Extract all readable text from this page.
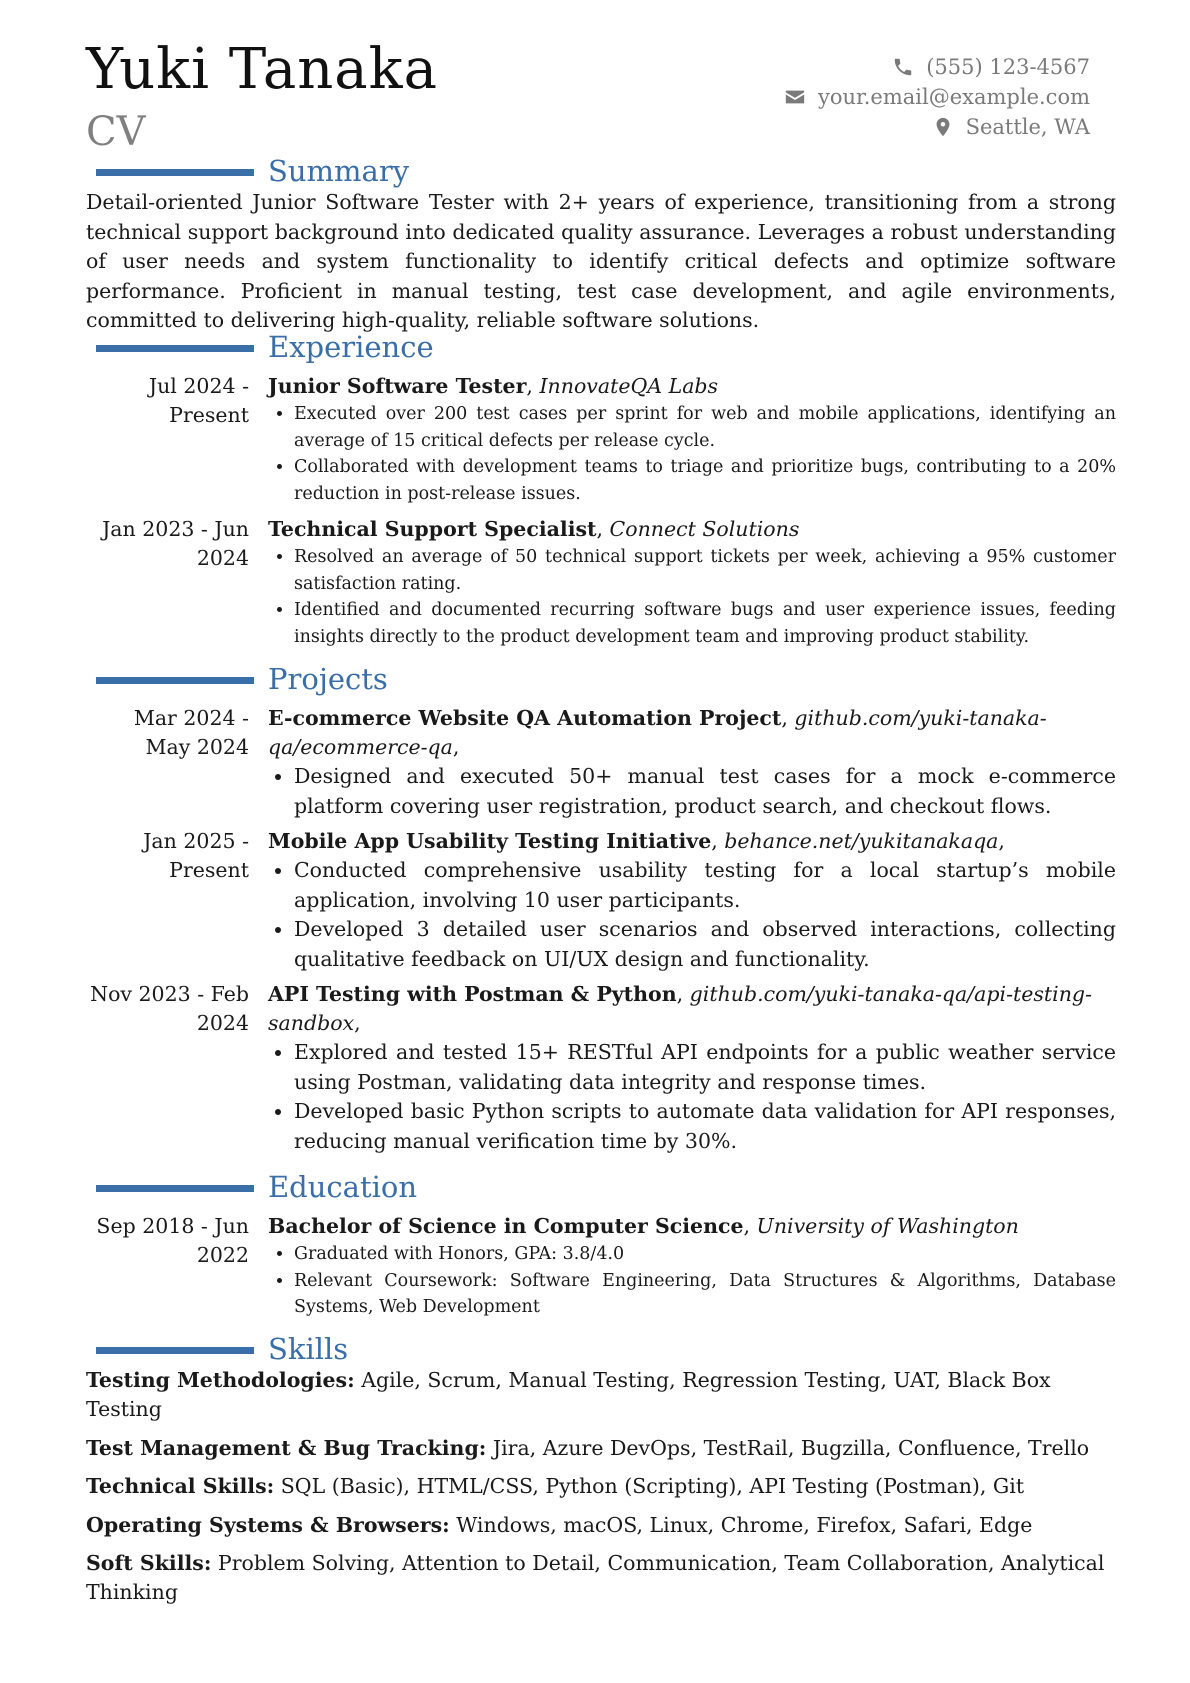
Yuki Tanaka
CV
(555) 123-4567
your.email@example.com
Seattle, WA
Summary

Detail-oriented Junior Software Tester with 2+ years of experience, transitioning from a strong technical support background into dedicated quality assurance. Leverages a robust understanding of user needs and system functionality to identify critical defects and optimize software performance. Proficient in manual testing, test case development, and agile environments, committed to delivering high-quality, reliable software solutions.

Experience
Jul 2024 - Present
Junior Software Tester, InnovateQA Labs
• Executed over 200 test cases per sprint for web and mobile applications, identifying an average of 15 critical defects per release cycle.
• Collaborated with development teams to triage and prioritize bugs, contributing to a 20% reduction in post-release issues.
Jan 2023 - Jun 2024
Technical Support Specialist, Connect Solutions
• Resolved an average of 50 technical support tickets per week, achieving a 95% customer satisfaction rating.
• Identified and documented recurring software bugs and user experience issues, feeding insights directly to the product development team and improving product stability.
Projects
Mar 2024 - May 2024
E-commerce Website QA Automation Project, github.com/yuki-tanaka-qa/ecommerce-qa,
• Designed and executed 50+ manual test cases for a mock e-commerce platform covering user registration, product search, and checkout flows.
Jan 2025 - Present
Mobile App Usability Testing Initiative, behance.net/yukitanakaqa,
• Conducted comprehensive usability testing for a local startup’s mobile application, involving 10 user participants.
• Developed 3 detailed user scenarios and observed interactions, collecting qualitative feedback on UI/UX design and functionality.
Nov 2023 - Feb 2024
API Testing with Postman & Python, github.com/yuki-tanaka-qa/api-testing-sandbox,
• Explored and tested 15+ RESTful API endpoints for a public weather service using Postman, validating data integrity and response times.
• Developed basic Python scripts to automate data validation for API responses, reducing manual verification time by 30%.
Education
Sep 2018 - Jun 2022
Bachelor of Science in Computer Science, University of Washington
• Graduated with Honors, GPA: 3.8/4.0
• Relevant Coursework: Software Engineering, Data Structures & Algorithms, Database Systems, Web Development
Skills

Testing Methodologies: Agile, Scrum, Manual Testing, Regression Testing, UAT, Black Box Testing

Test Management & Bug Tracking: Jira, Azure DevOps, TestRail, Bugzilla, Confluence, Trello

Technical Skills: SQL (Basic), HTML/CSS, Python (Scripting), API Testing (Postman), Git

Operating Systems & Browsers: Windows, macOS, Linux, Chrome, Firefox, Safari, Edge

Soft Skills: Problem Solving, Attention to Detail, Communication, Team Collaboration, Analytical Thinking
